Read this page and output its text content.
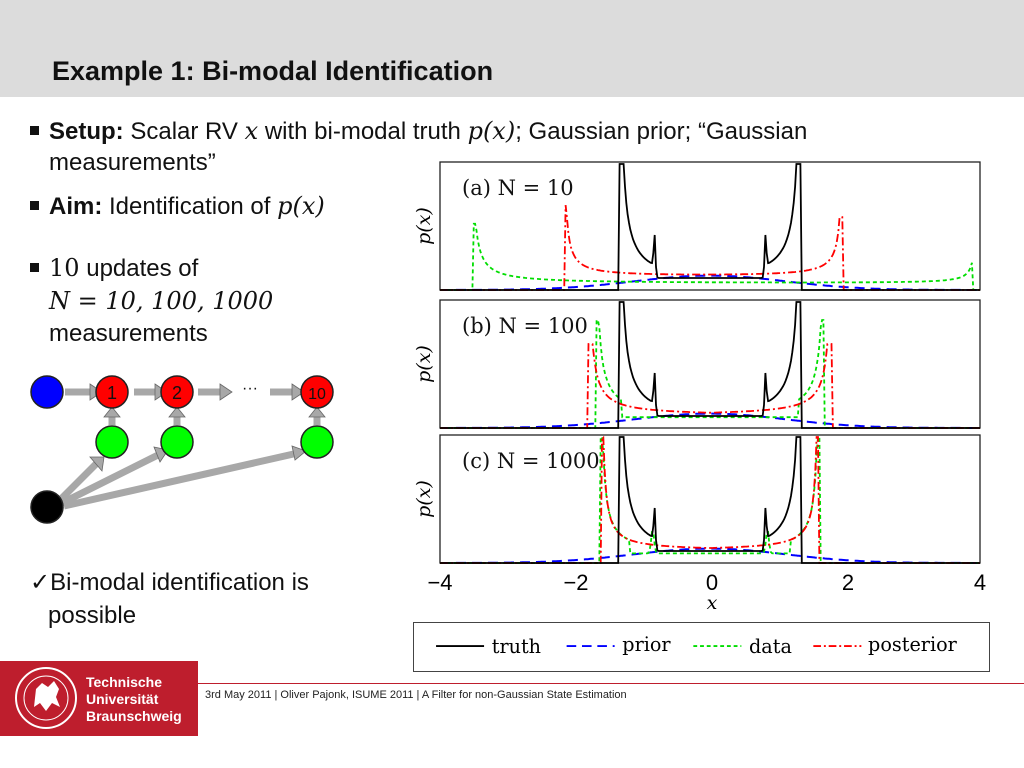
Example 1: Bi-modal Identification
Setup: Scalar RV x with bi-modal truth p(x); Gaussian prior; “Gaussian
measurements”
Aim: Identification of p(x)
10 updates of
N = 10, 100, 1000
measurements
1	2	···	10
✓Bi-modal identification is
possible
(a) N = 10
p(x)
(b) N = 100
p(x)
(c) N = 1000
p(x)
−4	−2	0	2	4
x
truth	prior	data	posterior
Technische
Universität
Braunschweig
3rd May 2011 | Oliver Pajonk, ISUME 2011 | A Filter for non-Gaussian State Estimation
